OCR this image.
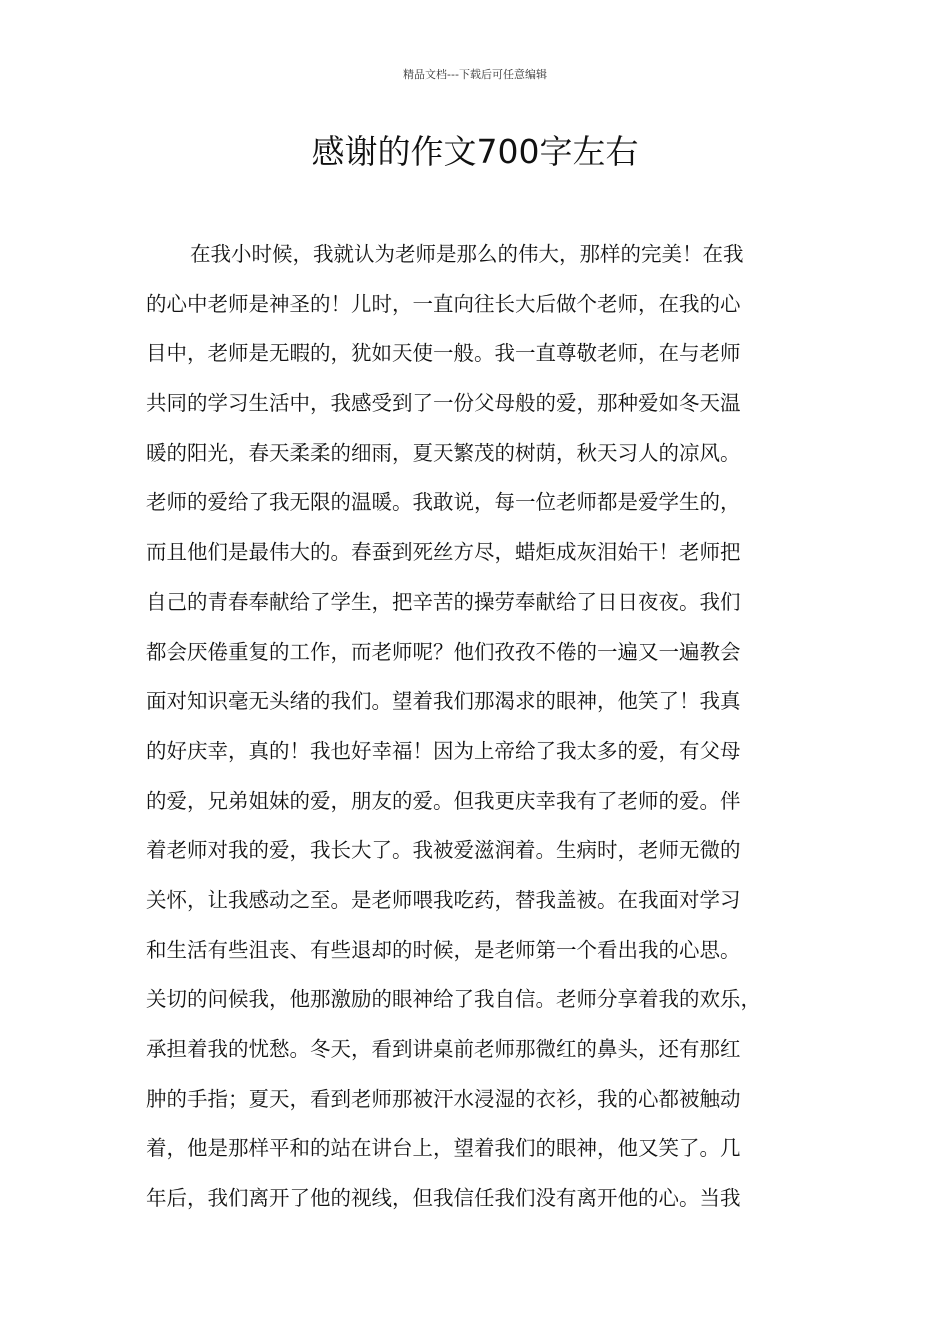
精品文档---下载后可任意编辑
感谢的作文700字左右
在我小时候，我就认为老师是那么的伟大，那样的完美！在我
的心中老师是神圣的！儿时，一直向往长大后做个老师，在我的心
目中，老师是无暇的，犹如天使一般。我一直尊敬老师，在与老师
共同的学习生活中，我感受到了一份父母般的爱，那种爱如冬天温
暖的阳光，春天柔柔的细雨，夏天繁茂的树荫，秋天习人的凉风。
老师的爱给了我无限的温暖。我敢说，每一位老师都是爱学生的，
而且他们是最伟大的。春蚕到死丝方尽，蜡炬成灰泪始干！老师把
自己的青春奉献给了学生，把辛苦的操劳奉献给了日日夜夜。我们
都会厌倦重复的工作，而老师呢？他们孜孜不倦的一遍又一遍教会
面对知识毫无头绪的我们。望着我们那渴求的眼神，他笑了！我真
的好庆幸，真的！我也好幸福！因为上帝给了我太多的爱，有父母
的爱，兄弟姐妹的爱，朋友的爱。但我更庆幸我有了老师的爱。伴
着老师对我的爱，我长大了。我被爱滋润着。生病时，老师无微的
关怀，让我感动之至。是老师喂我吃药，替我盖被。在我面对学习
和生活有些沮丧、有些退却的时候，是老师第一个看出我的心思。
关切的问候我，他那激励的眼神给了我自信。老师分享着我的欢乐，
承担着我的忧愁。冬天，看到讲桌前老师那微红的鼻头，还有那红
肿的手指；夏天，看到老师那被汗水浸湿的衣衫，我的心都被触动
着，他是那样平和的站在讲台上，望着我们的眼神，他又笑了。几
年后，我们离开了他的视线，但我信任我们没有离开他的心。当我
